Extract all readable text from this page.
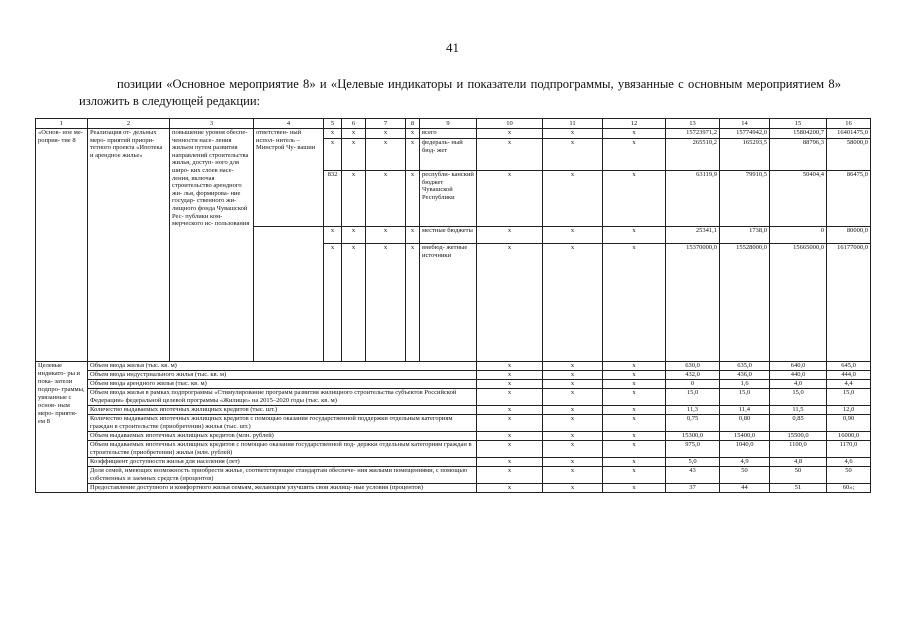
41
позиции «Основное мероприятие 8» и «Целевые индикаторы и показатели подпрограммы, увязанные с основным мероприятием 8» изложить в следующей редакции:
1	2	3	4	5	6	7	8	9	10	11	12	13	14	15	16
«Основ- ное ме- роприя- тие 8	Реализация от- дельных меро- приятий приори- тетного проекта «Ипотека и арендное жилье»	повышение уровня обеспе- ченности насе- ления жильем путем развития направлений строительства жилья, доступ- ного для широ- ких слоев насе- ления, включая строительство арендного жи- лья, формирова- ние государ- ственного жи- лищного фонда Чувашской Рес- публики ком- мерческого ис- пользования	ответствен- ный испол- нитель – Минстрой Чу- вашии	x	x	x	x	всего	x	x	x	15723971,2	15774942,0	15804200,7	16401475,0
				x	x	x	x	федераль- ный бюд- жет	x	x	x	265510,2	165293,5	88796,3	58000,0
				832	x	x	x	республи- канский бюджет Чувашской Республики	x	x	x	63119,9	79910,5	50404,4	86475,0
				x	x	x	x	местные бюджеты	x	x	x	25341,1	1738,0	0	80000,0
				x	x	x	x	внебюд- жетные источники	x	x	x	15370000,0	15528000,0	15665000,0	16177000,0
Целевые индикато- ры и пока- затели подпро- граммы, увязанные с основ- ным меро- прияти- ем 8	Объем ввода жилья (тыс. кв. м)								x	x	x	630,0	635,0	640,0	645,0
	Объем ввода индустриального жилья (тыс. кв. м)								x	x	x	432,0	436,0	440,0	444,0
	Объем ввода арендного жилья (тыс. кв. м)								x	x	x	0	1,6	4,0	4,4
	Объем ввода жилья в рамках подпрограммы «Стимулирование программ развития жилищного строительства субъектов Российской Федерации» федеральной целевой программы «Жилище» на 2015–2020 годы (тыс. кв. м)								x	x	x	15,0	15,0	15,0	15,0
	Количество выдаваемых ипотечных жилищных кредитов (тыс. шт.)								x	x	x	11,3	11,4	11,5	12,0
	Количество выдаваемых ипотечных жилищных кредитов с помощью оказания государственной поддержки отдельным категориям граждан в строительстве (приобретении) жилья (тыс. шт.)								x	x	x	0,75	0,80	0,85	0,90
	Объем выдаваемых ипотечных жилищных кредитов (млн. рублей)								x	x	x	15300,0	15400,0	15500,0	16000,0
	Объем выдаваемых ипотечных жилищных кредитов с помощью оказания государственной под- держки отдельным категориям граждан в строительстве (приобретении) жилья (млн. рублей)								x	x	x	975,0	1040,0	1100,0	1170,0
	Коэффициент доступности жилья для населения (лет)								x	x	x	5,0	4,9	4,8	4,6
	Доля семей, имеющих возможность приобрести жилье, соответствующее стандартам обеспече- ния жилыми помещениями, с помощью собственных и заемных средств (процентов)								x	x	x	43	50	50	50
	Предоставление доступного и комфортного жилья семьям, желающим улучшить свои жилищ- ные условия (процентов)								x	x	x	37	44	51	60»;
